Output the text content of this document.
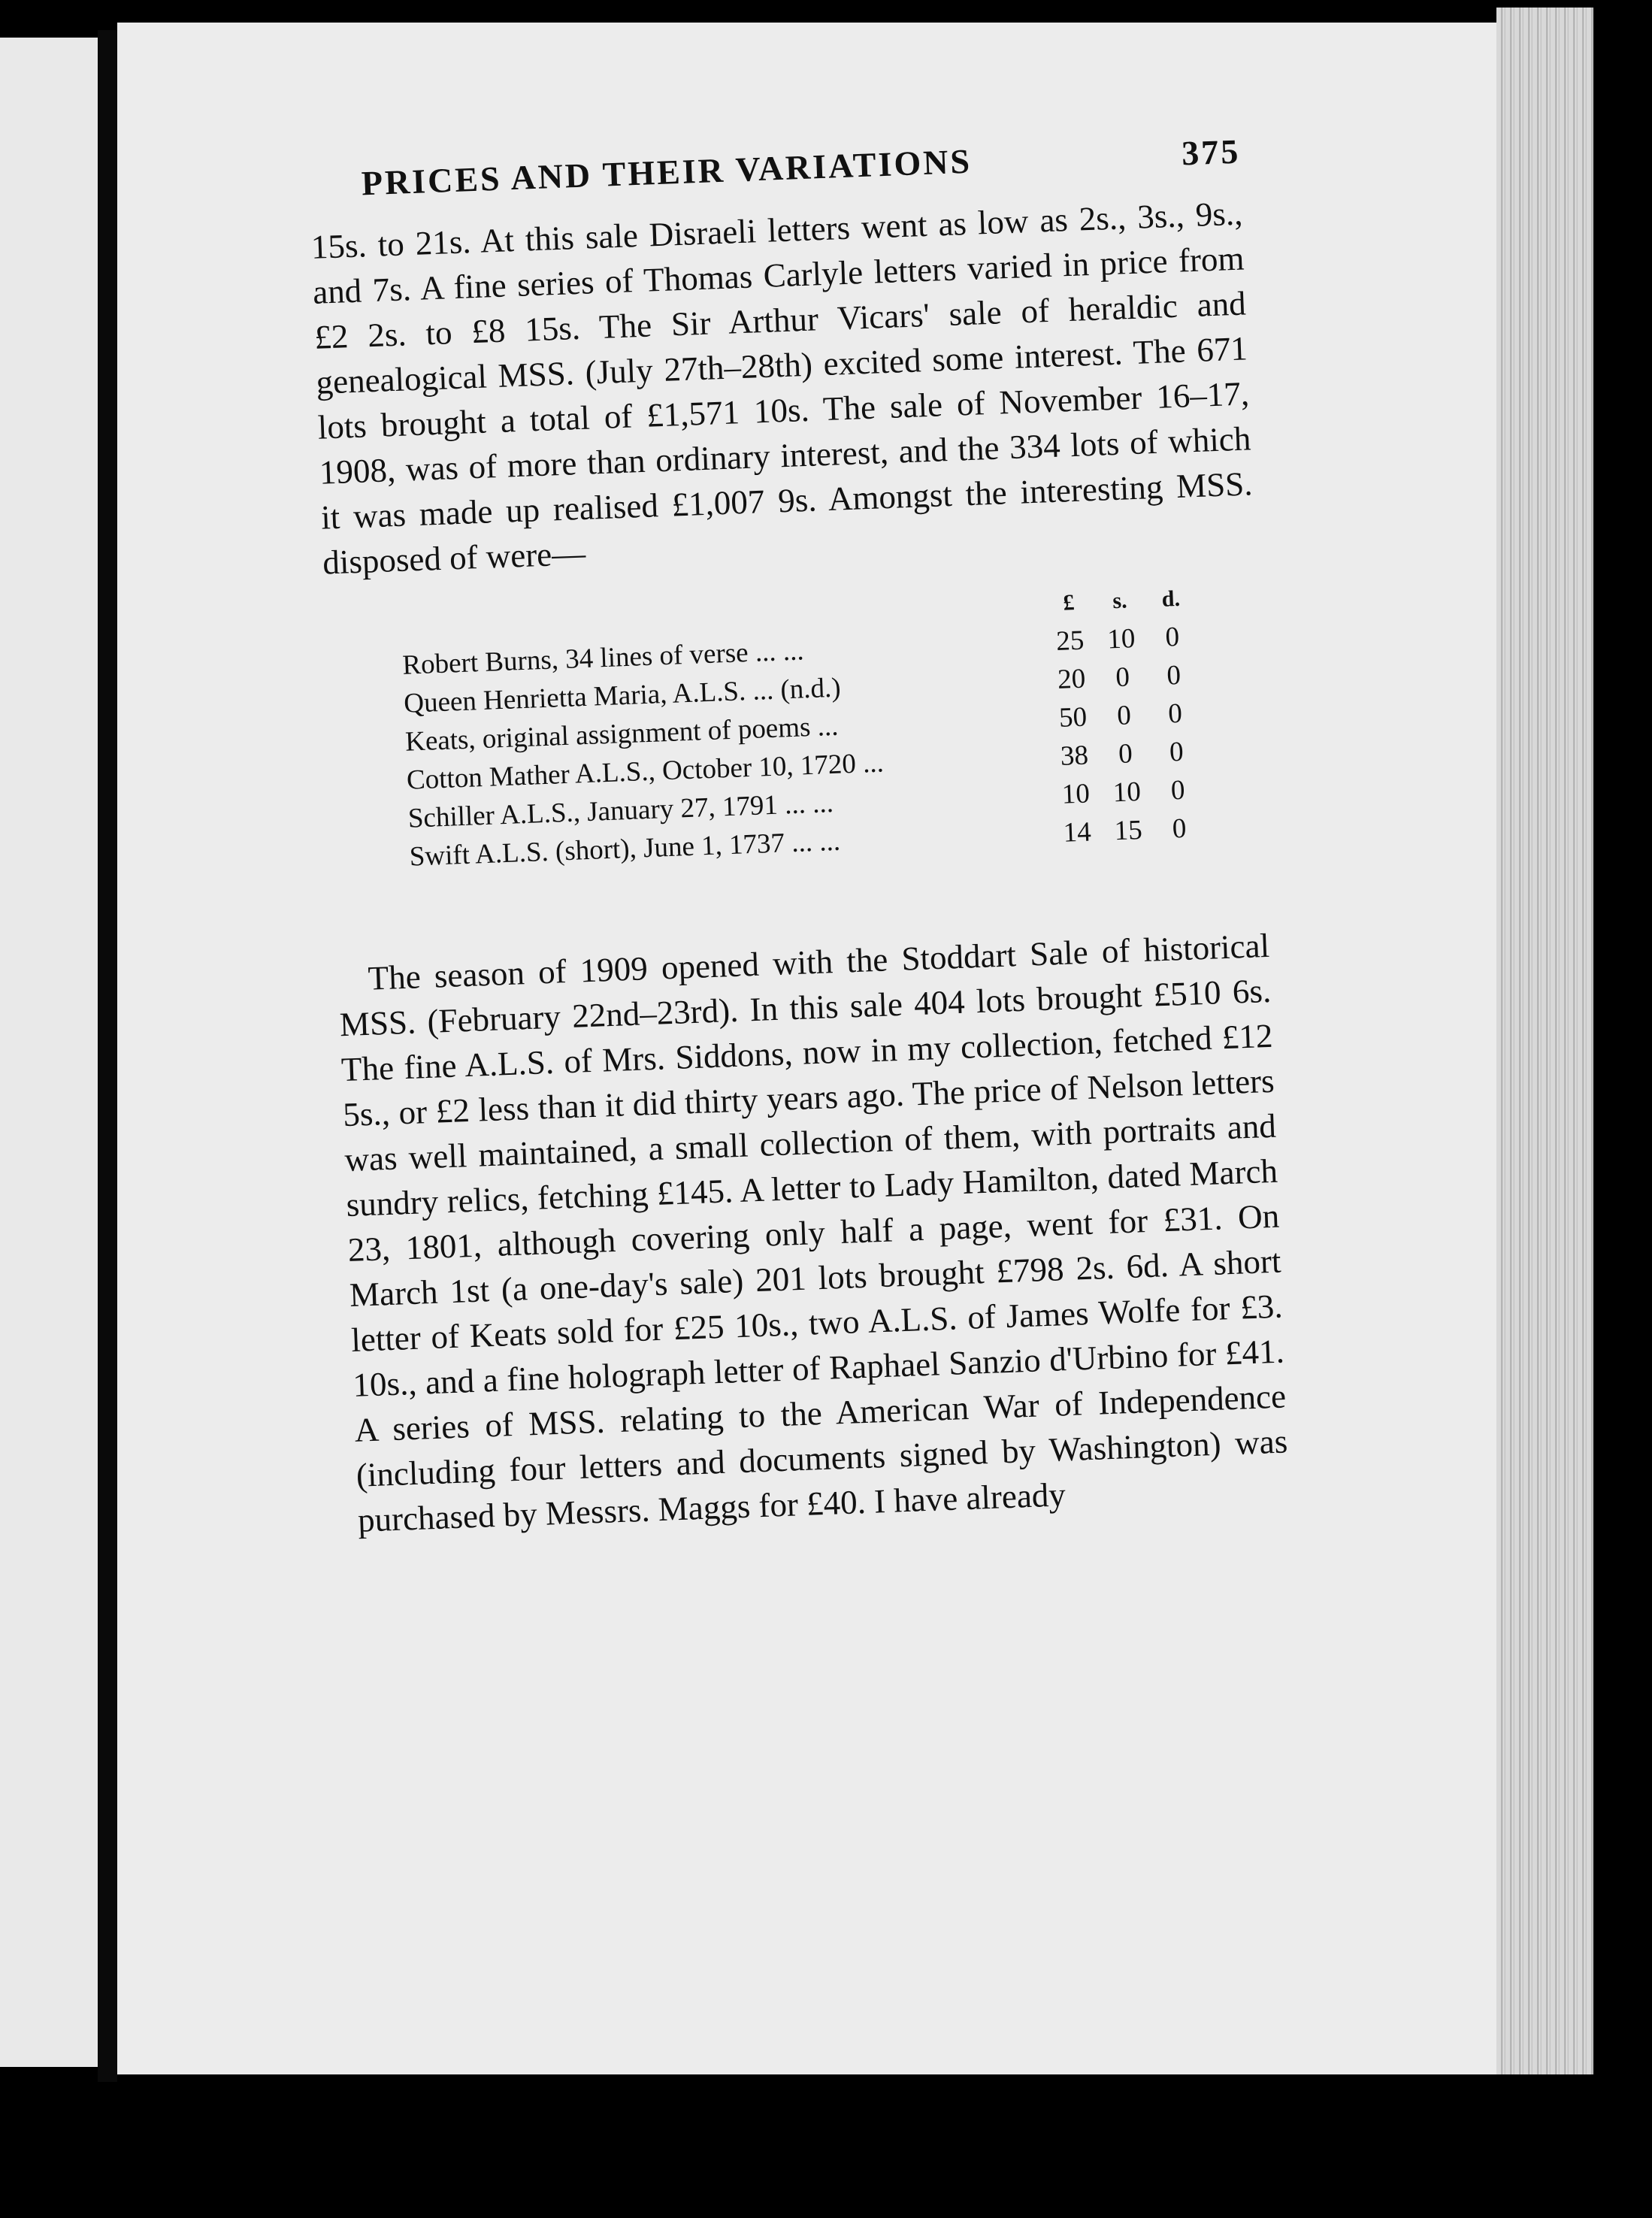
PRICES AND THEIR VARIATIONS	375

15s. to 21s. At this sale Disraeli letters went as low as 2s., 3s., 9s., and 7s. A fine series of Thomas Carlyle letters varied in price from £2 2s. to £8 15s. The Sir Arthur Vicars' sale of heraldic and genealogical MSS. (July 27th–28th) excited some interest. The 671 lots brought a total of £1,571 10s. The sale of November 16–17, 1908, was of more than ordinary interest, and the 334 lots of which it was made up realised £1,007 9s. Amongst the interesting MSS. disposed of were—

	£	s.	d.
Robert Burns, 34 lines of verse ... ...	25	10	0
Queen Henrietta Maria, A.L.S. ... (n.d.)	20	0	0
Keats, original assignment of poems ...	50	0	0
Cotton Mather A.L.S., October 10, 1720 ...	38	0	0
Schiller A.L.S., January 27, 1791 ... ...	10	10	0
Swift A.L.S. (short), June 1, 1737 ... ...	14	15	0

The season of 1909 opened with the Stoddart Sale of historical MSS. (February 22nd–23rd). In this sale 404 lots brought £510 6s. The fine A.L.S. of Mrs. Siddons, now in my collection, fetched £12 5s., or £2 less than it did thirty years ago. The price of Nelson letters was well maintained, a small collection of them, with portraits and sundry relics, fetching £145. A letter to Lady Hamilton, dated March 23, 1801, although covering only half a page, went for £31. On March 1st (a one-day's sale) 201 lots brought £798 2s. 6d. A short letter of Keats sold for £25 10s., two A.L.S. of James Wolfe for £3. 10s., and a fine holograph letter of Raphael Sanzio d'Urbino for £41. A series of MSS. relating to the American War of Independence (including four letters and documents signed by Washington) was purchased by Messrs. Maggs for £40. I have already
